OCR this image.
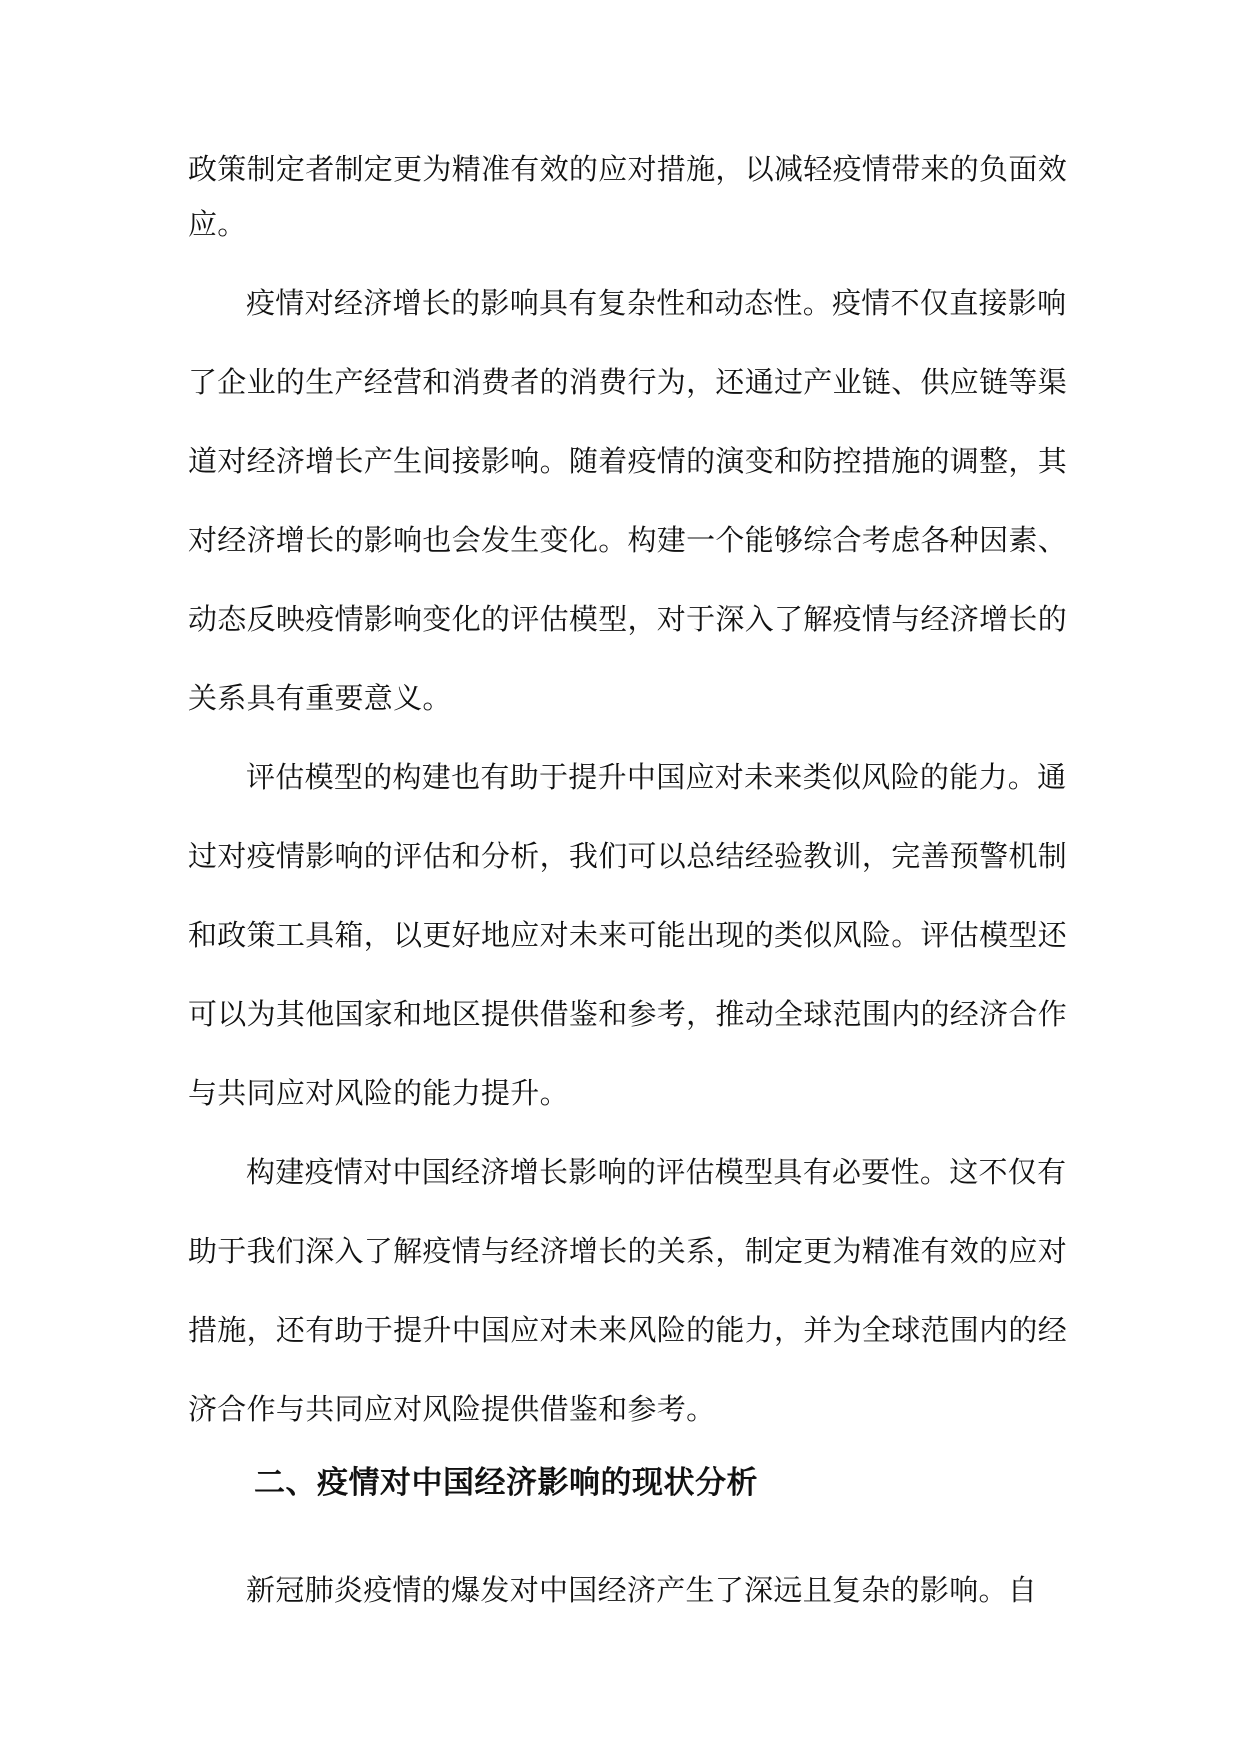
政策制定者制定更为精准有效的应对措施，以减轻疫情带来的负面效
应。
疫情对经济增长的影响具有复杂性和动态性。疫情不仅直接影响
了企业的生产经营和消费者的消费行为，还通过产业链、供应链等渠
道对经济增长产生间接影响。随着疫情的演变和防控措施的调整，其
对经济增长的影响也会发生变化。构建一个能够综合考虑各种因素、
动态反映疫情影响变化的评估模型，对于深入了解疫情与经济增长的
关系具有重要意义。
评估模型的构建也有助于提升中国应对未来类似风险的能力。通
过对疫情影响的评估和分析，我们可以总结经验教训，完善预警机制
和政策工具箱，以更好地应对未来可能出现的类似风险。评估模型还
可以为其他国家和地区提供借鉴和参考，推动全球范围内的经济合作
与共同应对风险的能力提升。
构建疫情对中国经济增长影响的评估模型具有必要性。这不仅有
助于我们深入了解疫情与经济增长的关系，制定更为精准有效的应对
措施，还有助于提升中国应对未来风险的能力，并为全球范围内的经
济合作与共同应对风险提供借鉴和参考。
二、疫情对中国经济影响的现状分析
新冠肺炎疫情的爆发对中国经济产生了深远且复杂的影响。自
